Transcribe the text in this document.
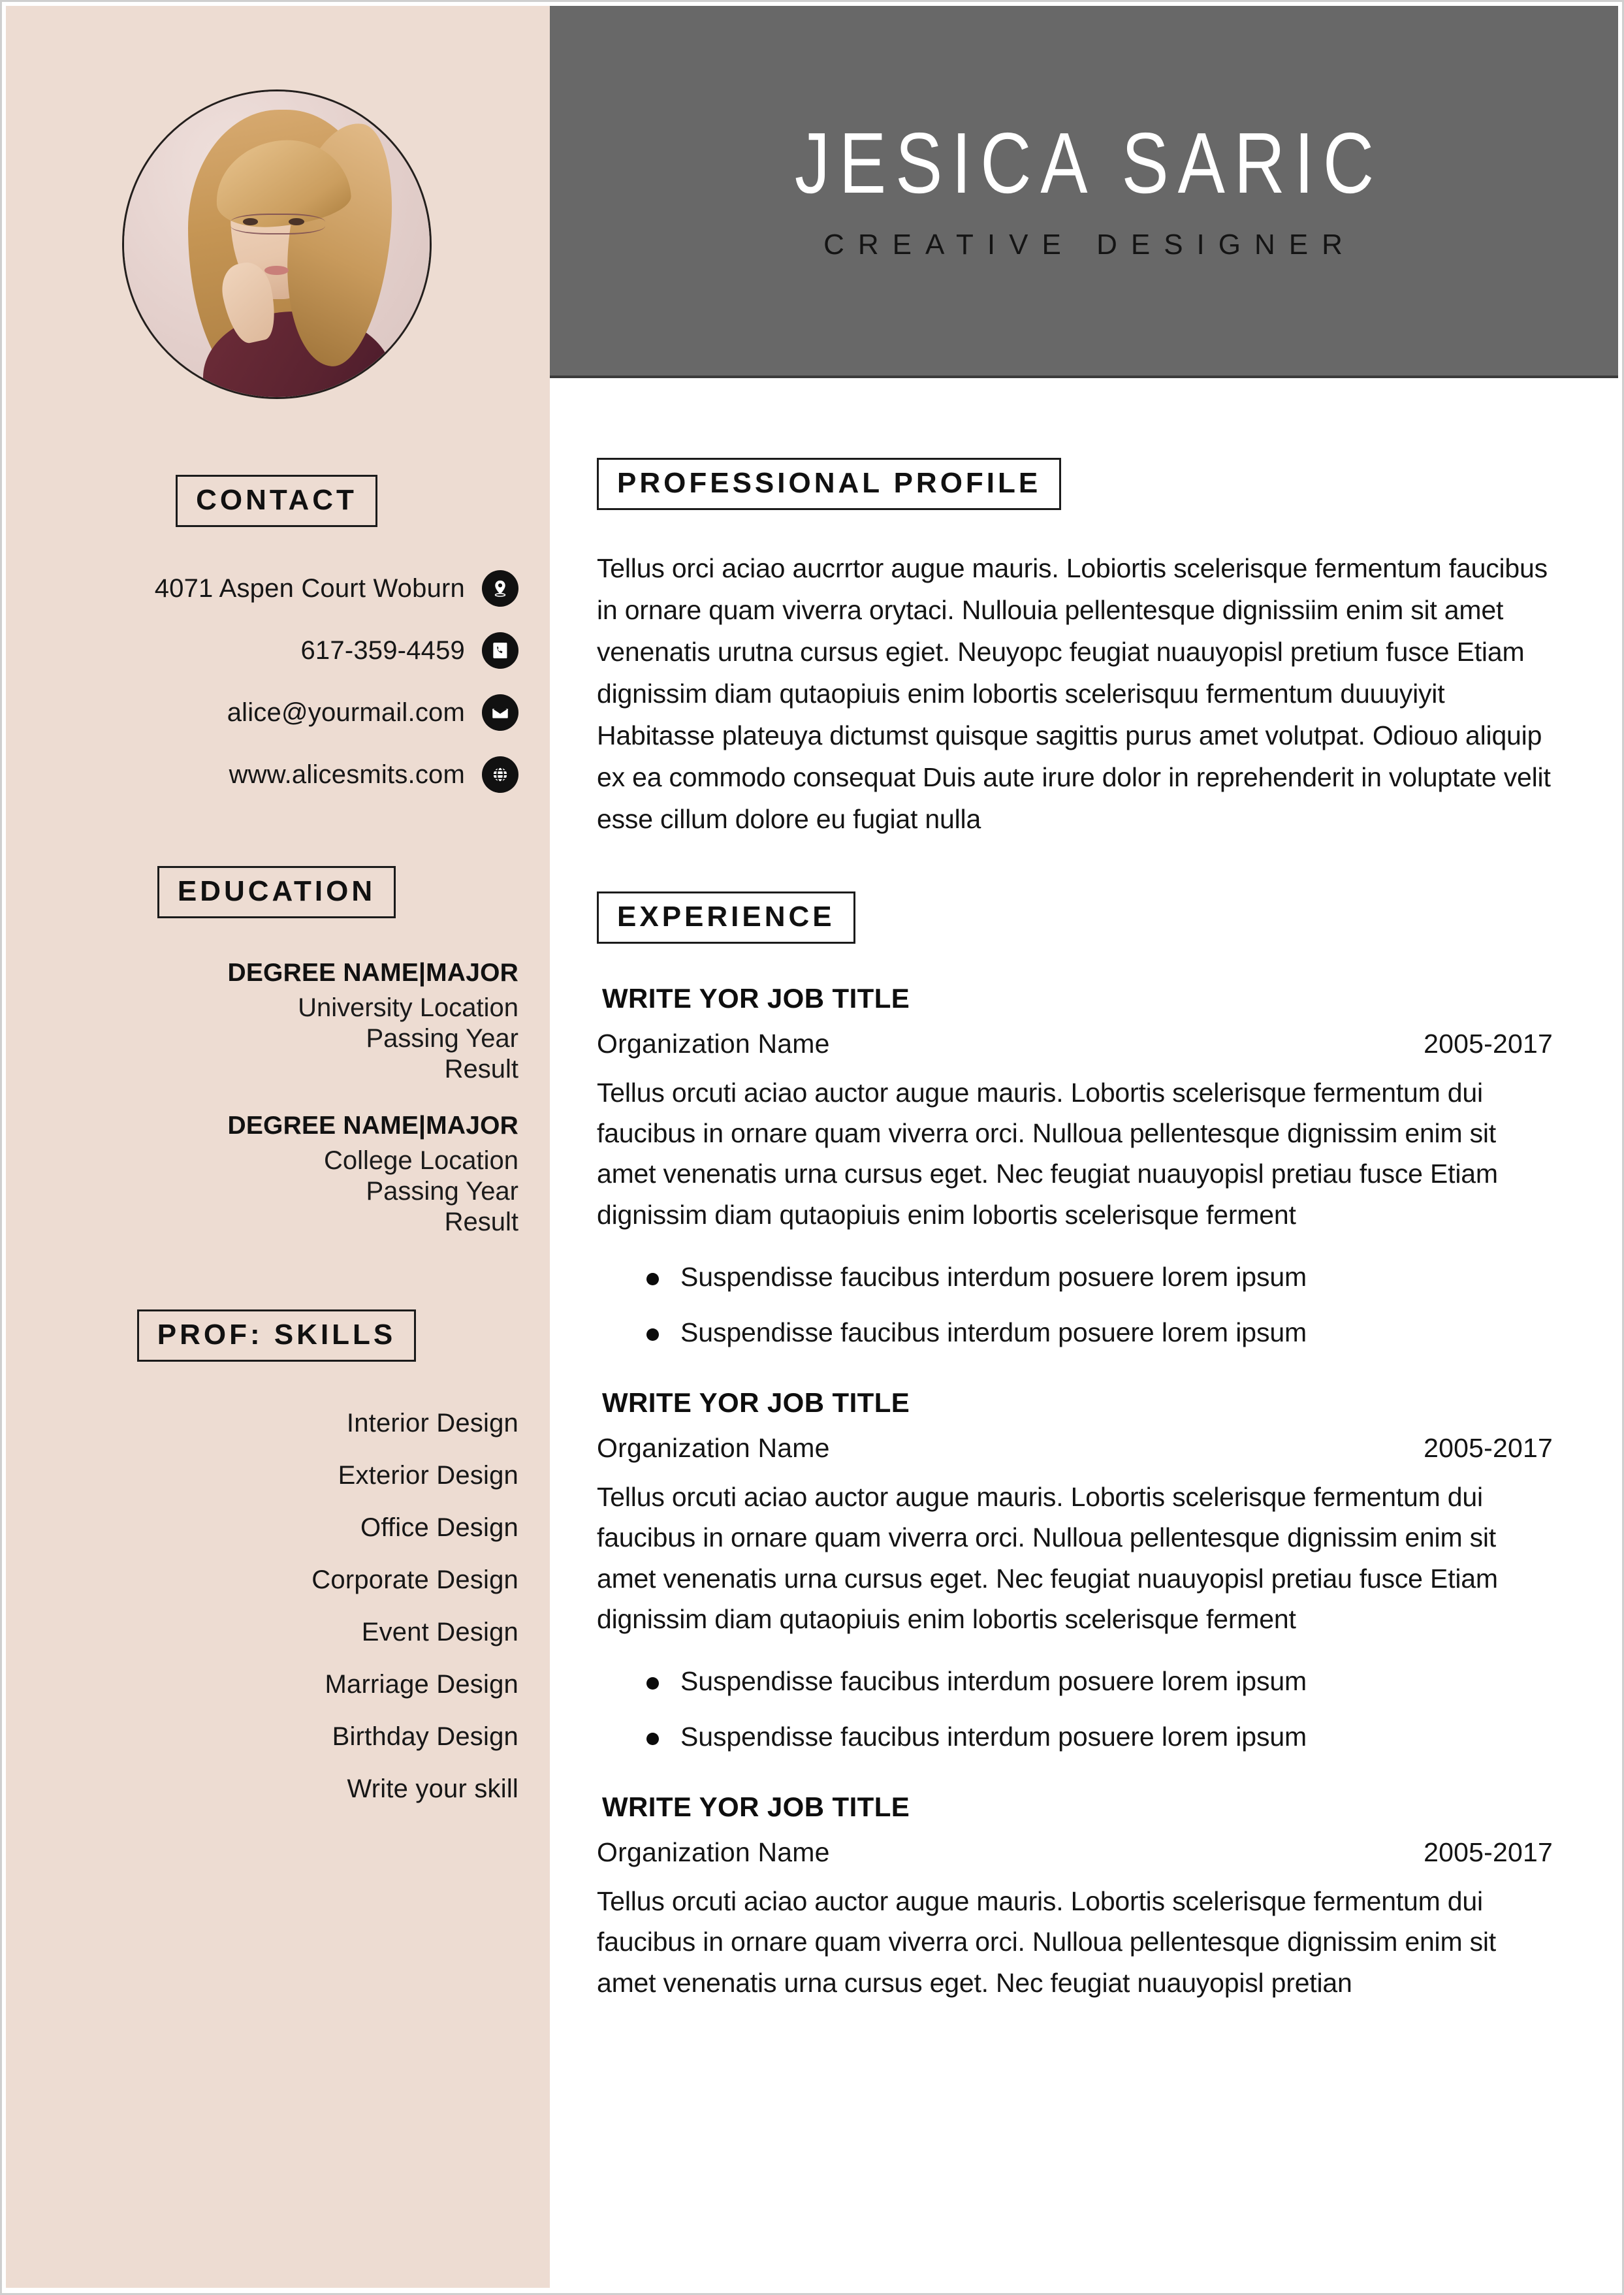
CONTACT
4071 Aspen Court Woburn
617-359-4459
alice@yourmail.com
www.alicesmits.com
EDUCATION
DEGREE NAME|MAJOR
University Location
Passing Year
Result
DEGREE NAME|MAJOR
College Location
Passing Year
Result
PROF: SKILLS
Interior Design
Exterior Design
Office Design
Corporate Design
Event Design
Marriage Design
Birthday Design
Write your skill
JESICA SARIC
CREATIVE DESIGNER
PROFESSIONAL PROFILE

Tellus orci aciao aucrrtor augue mauris. Lobiortis scelerisque fermentum faucibus in ornare quam viverra orytaci. Nullouia pellentesque dignissiim enim sit amet venenatis urutna cursus egiet. Neuyopc feugiat nuauyopisl pretium fusce Etiam dignissim diam qutaopiuis enim lobortis scelerisquu fermentum duuuyiyit Habitasse plateuya dictumst quisque sagittis purus amet volutpat. Odiouo aliquip ex ea commodo consequat Duis aute irure dolor in reprehenderit in voluptate velit esse cillum dolore eu fugiat nulla

EXPERIENCE
WRITE YOR JOB TITLE
Organization Name	2005-2017

Tellus orcuti aciao auctor augue mauris. Lobortis scelerisque fermentum dui faucibus in ornare quam viverra orci. Nulloua pellentesque dignissim enim sit amet venenatis urna cursus eget. Nec feugiat nuauyopisl pretiau fusce Etiam dignissim diam qutaopiuis enim lobortis scelerisque ferment

Suspendisse faucibus interdum posuere lorem ipsum
Suspendisse faucibus interdum posuere lorem ipsum
WRITE YOR JOB TITLE
Organization Name	2005-2017

Tellus orcuti aciao auctor augue mauris. Lobortis scelerisque fermentum dui faucibus in ornare quam viverra orci. Nulloua pellentesque dignissim enim sit amet venenatis urna cursus eget. Nec feugiat nuauyopisl pretiau fusce Etiam dignissim diam qutaopiuis enim lobortis scelerisque ferment

Suspendisse faucibus interdum posuere lorem ipsum
Suspendisse faucibus interdum posuere lorem ipsum
WRITE YOR JOB TITLE
Organization Name	2005-2017

Tellus orcuti aciao auctor augue mauris. Lobortis scelerisque fermentum dui faucibus in ornare quam viverra orci. Nulloua pellentesque dignissim enim sit amet venenatis urna cursus eget. Nec feugiat nuauyopisl pretian
